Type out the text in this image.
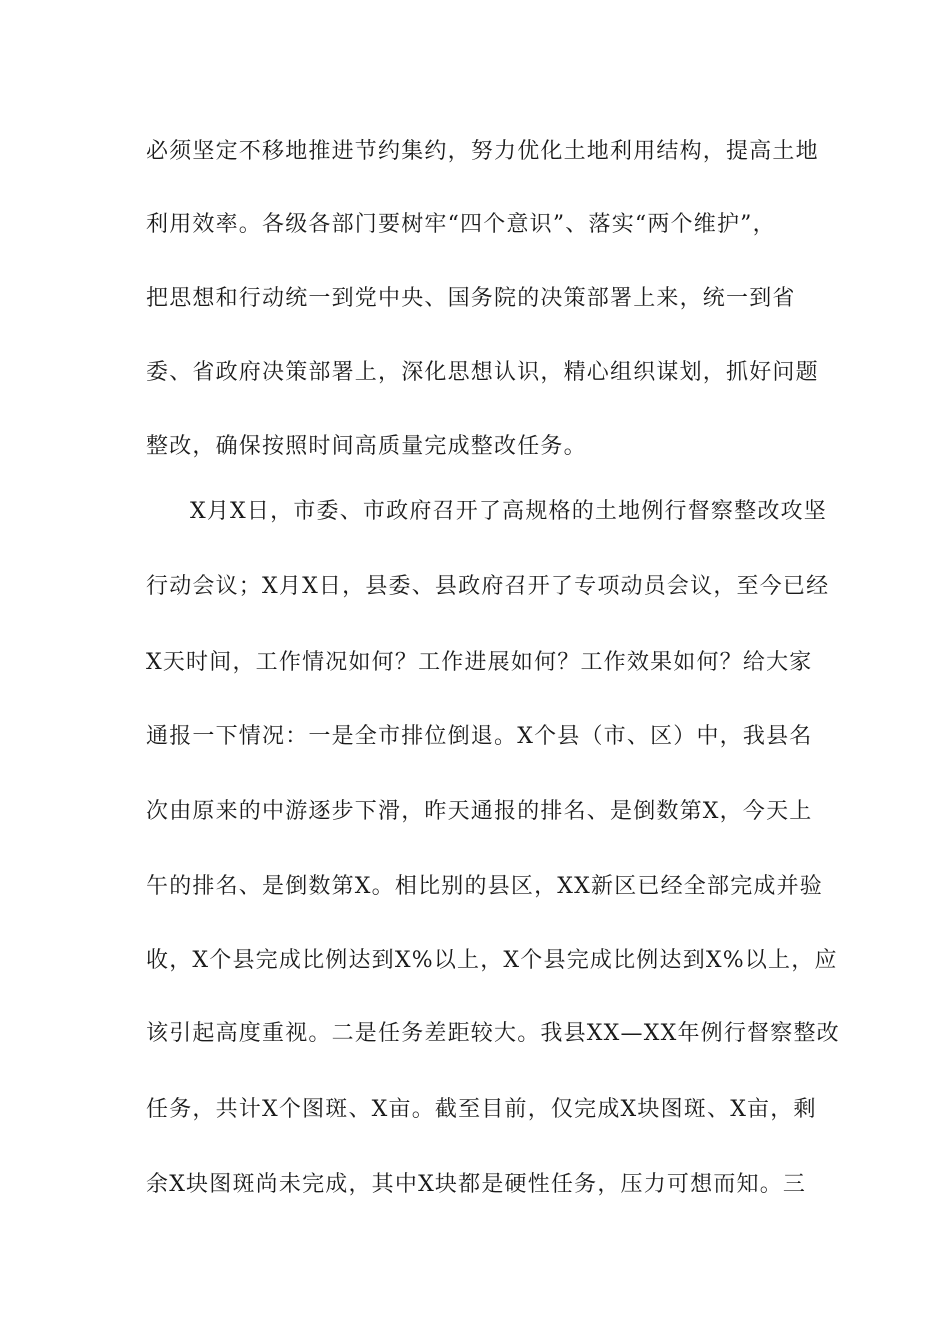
必须坚定不移地推进节约集约，努力优化土地利用结构，提高土地
利用效率。各级各部门要树牢“四个意识”、落实“两个维护”，
把思想和行动统一到党中央、国务院的决策部署上来，统一到省
委、省政府决策部署上，深化思想认识，精心组织谋划，抓好问题
整改，确保按照时间高质量完成整改任务。
X月X日，市委、市政府召开了高规格的土地例行督察整改攻坚
行动会议；X月X日，县委、县政府召开了专项动员会议，至今已经
X天时间，工作情况如何？工作进展如何？工作效果如何？给大家
通报一下情况：一是全市排位倒退。X个县（市、区）中，我县名
次由原来的中游逐步下滑，昨天通报的排名、是倒数第X，今天上
午的排名、是倒数第X。相比别的县区，XX新区已经全部完成并验
收，X个县完成比例达到X%以上，X个县完成比例达到X%以上，应
该引起高度重视。二是任务差距较大。我县XX—XX年例行督察整改
任务，共计X个图斑、X亩。截至目前，仅完成X块图斑、X亩，剩
余X块图斑尚未完成，其中X块都是硬性任务，压力可想而知。三
